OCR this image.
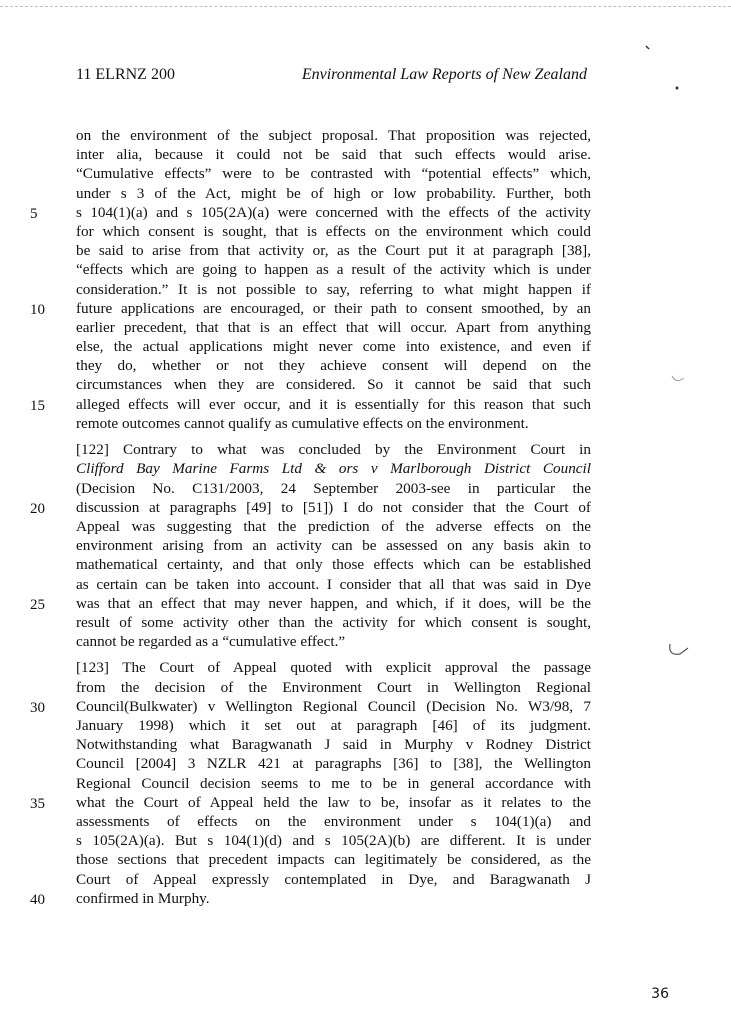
11 ELRNZ 200	Environmental Law Reports of New Zealand
5
10
15
20
25
30
35
40
on the environment of the subject proposal. That proposition was rejected,
inter alia, because it could not be said that such effects would arise.
“Cumulative effects” were to be contrasted with “potential effects” which,
under s 3 of the Act, might be of high or low probability. Further, both
s 104(1)(a) and s 105(2A)(a) were concerned with the effects of the activity
for which consent is sought, that is effects on the environment which could
be said to arise from that activity or, as the Court put it at paragraph [38],
“effects which are going to happen as a result of the activity which is under
consideration.” It is not possible to say, referring to what might happen if
future applications are encouraged, or their path to consent smoothed, by an
earlier precedent, that that is an effect that will occur. Apart from anything
else, the actual applications might never come into existence, and even if
they do, whether or not they achieve consent will depend on the
circumstances when they are considered. So it cannot be said that such
alleged effects will ever occur, and it is essentially for this reason that such
remote outcomes cannot qualify as cumulative effects on the environment.
[122] Contrary to what was concluded by the Environment Court in
Clifford Bay Marine Farms Ltd & ors v Marlborough District Council
(Decision No. C131/2003, 24 September 2003-see in particular the
discussion at paragraphs [49] to [51]) I do not consider that the Court of
Appeal was suggesting that the prediction of the adverse effects on the
environment arising from an activity can be assessed on any basis akin to
mathematical certainty, and that only those effects which can be established
as certain can be taken into account. I consider that all that was said in Dye
was that an effect that may never happen, and which, if it does, will be the
result of some activity other than the activity for which consent is sought,
cannot be regarded as a “cumulative effect.”
[123] The Court of Appeal quoted with explicit approval the passage
from the decision of the Environment Court in Wellington Regional
Council(Bulkwater) v Wellington Regional Council (Decision No. W3/98, 7
January 1998) which it set out at paragraph [46] of its judgment.
Notwithstanding what Baragwanath J said in Murphy v Rodney District
Council [2004] 3 NZLR 421 at paragraphs [36] to [38], the Wellington
Regional Council decision seems to me to be in general accordance with
what the Court of Appeal held the law to be, insofar as it relates to the
assessments of effects on the environment under s 104(1)(a) and
s 105(2A)(a). But s 104(1)(d) and s 105(2A)(b) are different. It is under
those sections that precedent impacts can legitimately be considered, as the
Court of Appeal expressly contemplated in Dye, and Baragwanath J
confirmed in Murphy.
36
